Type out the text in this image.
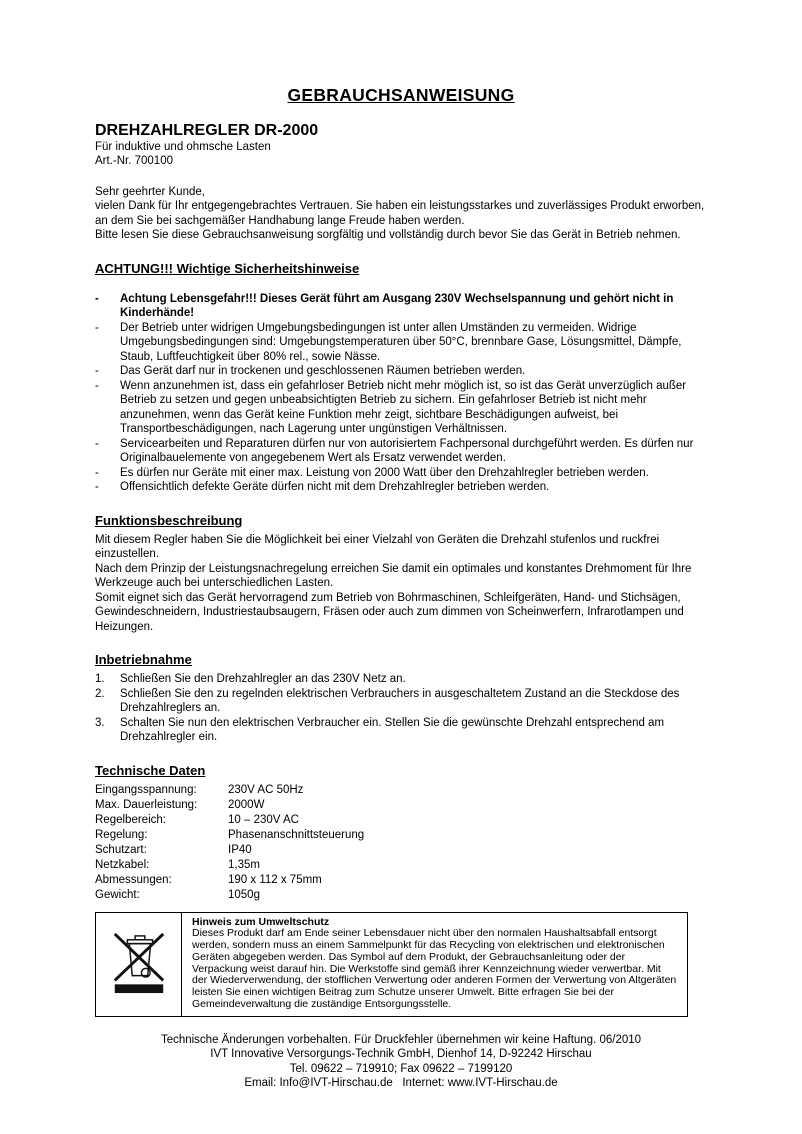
GEBRAUCHSANWEISUNG
DREHZAHLREGLER DR-2000
Für induktive und ohmsche Lasten
Art.-Nr. 700100
Sehr geehrter Kunde,
vielen Dank für Ihr entgegengebrachtes Vertrauen. Sie haben ein leistungsstarkes und zuverlässiges Produkt erworben, an dem Sie bei sachgemäßer Handhabung lange Freude haben werden.
Bitte lesen Sie diese Gebrauchsanweisung sorgfältig und vollständig durch bevor Sie das Gerät in Betrieb nehmen.
ACHTUNG!!! Wichtige Sicherheitshinweise
-	Achtung Lebensgefahr!!! Dieses Gerät führt am Ausgang 230V Wechselspannung und gehört nicht in Kinderhände!
-	Der Betrieb unter widrigen Umgebungsbedingungen ist unter allen Umständen zu vermeiden. Widrige Umgebungsbedingungen sind: Umgebungstemperaturen über 50°C, brennbare Gase, Lösungsmittel, Dämpfe, Staub, Luftfeuchtigkeit über 80% rel., sowie Nässe.
-	Das Gerät darf nur in trockenen und geschlossenen Räumen betrieben werden.
-	Wenn anzunehmen ist, dass ein gefahrloser Betrieb nicht mehr möglich ist, so ist das Gerät unverzüglich außer Betrieb zu setzen und gegen unbeabsichtigten Betrieb zu sichern. Ein gefahrloser Betrieb ist nicht mehr anzunehmen, wenn das Gerät keine Funktion mehr zeigt, sichtbare Beschädigungen aufweist, bei Transportbeschädigungen, nach Lagerung unter ungünstigen Verhältnissen.
-	Servicearbeiten und Reparaturen dürfen nur von autorisiertem Fachpersonal durchgeführt werden. Es dürfen nur Originalbauelemente von angegebenem Wert als Ersatz verwendet werden.
-	Es dürfen nur Geräte mit einer max. Leistung von 2000 Watt über den Drehzahlregler betrieben werden.
-	Offensichtlich defekte Geräte dürfen nicht mit dem Drehzahlregler betrieben werden.
Funktionsbeschreibung
Mit diesem Regler haben Sie die Möglichkeit bei einer Vielzahl von Geräten die Drehzahl stufenlos und ruckfrei einzustellen.
Nach dem Prinzip der Leistungsnachregelung erreichen Sie damit ein optimales und konstantes Drehmoment für Ihre Werkzeuge auch bei unterschiedlichen Lasten.
Somit eignet sich das Gerät hervorragend zum Betrieb von Bohrmaschinen, Schleifgeräten, Hand- und Stichsägen, Gewindeschneidern, Industriestaubsaugern, Fräsen oder auch zum dimmen von Scheinwerfern, Infrarotlampen und Heizungen.
Inbetriebnahme
1.	Schließen Sie den Drehzahlregler an das 230V Netz an.
2.	Schließen Sie den zu regelnden elektrischen Verbrauchers in ausgeschaltetem Zustand an die Steckdose des Drehzahlreglers an.
3.	Schalten Sie nun den elektrischen Verbraucher ein. Stellen Sie die gewünschte Drehzahl entsprechend am Drehzahlregler ein.
Technische Daten
Eingangsspannung:	230V AC 50Hz
Max. Dauerleistung:	2000W
Regelbereich:	10 – 230V AC
Regelung:	Phasenanschnittsteuerung
Schutzart:	IP40
Netzkabel:	1,35m
Abmessungen:	190 x 112 x 75mm
Gewicht:	1050g
Hinweis zum Umweltschutz
Dieses Produkt darf am Ende seiner Lebensdauer nicht über den normalen Haushaltsabfall entsorgt werden, sondern muss an einem Sammelpunkt für das Recycling von elektrischen und elektronischen Geräten abgegeben werden. Das Symbol auf dem Produkt, der Gebrauchsanleitung oder der Verpackung weist darauf hin. Die Werkstoffe sind gemäß ihrer Kennzeichnung wieder verwertbar. Mit der Wiederverwendung, der stofflichen Verwertung oder anderen Formen der Verwertung von Altgeräten leisten Sie einen wichtigen Beitrag zum Schutze unserer Umwelt. Bitte erfragen Sie bei der Gemeindeverwaltung die zuständige Entsorgungsstelle.
Technische Änderungen vorbehalten. Für Druckfehler übernehmen wir keine Haftung. 06/2010
IVT Innovative Versorgungs-Technik GmbH, Dienhof 14, D-92242 Hirschau
Tel. 09622 – 719910; Fax 09622 – 7199120
Email: Info@IVT-Hirschau.de   Internet: www.IVT-Hirschau.de
